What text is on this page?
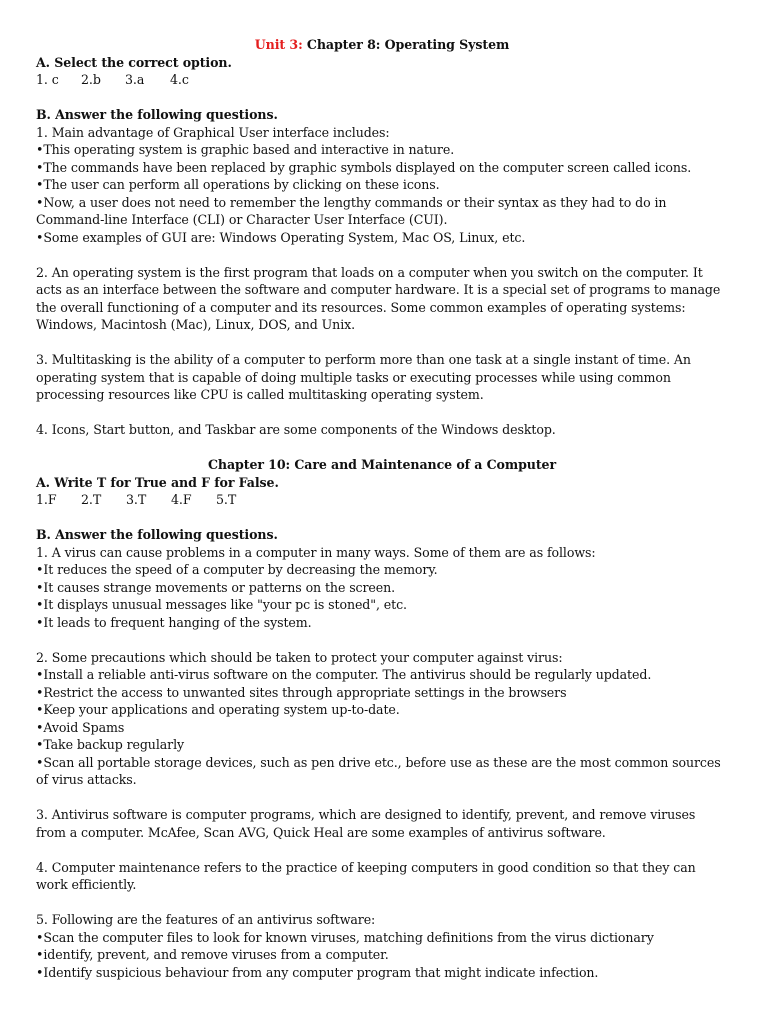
Unit 3: Chapter 8: Operating System
A. Select the correct option.
1. c 2.b 3.a 4.c
B. Answer the following questions.
1. Main advantage of Graphical User interface includes:
•This operating system is graphic based and interactive in nature.
•The commands have been replaced by graphic symbols displayed on the computer screen called icons.
•The user can perform all operations by clicking on these icons.
•Now, a user does not need to remember the lengthy commands or their syntax as they had to do in
Command-line Interface (CLI) or Character User Interface (CUI).
•Some examples of GUI are: Windows Operating System, Mac OS, Linux, etc.
2. An operating system is the first program that loads on a computer when you switch on the computer. It
acts as an interface between the software and computer hardware. It is a special set of programs to manage
the overall functioning of a computer and its resources. Some common examples of operating systems:
Windows, Macintosh (Mac), Linux, DOS, and Unix.
3. Multitasking is the ability of a computer to perform more than one task at a single instant of time. An
operating system that is capable of doing multiple tasks or executing processes while using common
processing resources like CPU is called multitasking operating system.
4. Icons, Start button, and Taskbar are some components of the Windows desktop.
Chapter 10: Care and Maintenance of a Computer
A. Write T for True and F for False.
1.F 2.T 3.T 4.F 5.T
B. Answer the following questions.
1. A virus can cause problems in a computer in many ways. Some of them are as follows:
•It reduces the speed of a computer by decreasing the memory.
•It causes strange movements or patterns on the screen.
•It displays unusual messages like "your pc is stoned", etc.
•It leads to frequent hanging of the system.
2. Some precautions which should be taken to protect your computer against virus:
•Install a reliable anti-virus software on the computer. The antivirus should be regularly updated.
•Restrict the access to unwanted sites through appropriate settings in the browsers
•Keep your applications and operating system up-to-date.
•Avoid Spams
•Take backup regularly
•Scan all portable storage devices, such as pen drive etc., before use as these are the most common sources
of virus attacks.
3. Antivirus software is computer programs, which are designed to identify, prevent, and remove viruses
from a computer. McAfee, Scan AVG, Quick Heal are some examples of antivirus software.
4. Computer maintenance refers to the practice of keeping computers in good condition so that they can
work efficiently.
5. Following are the features of an antivirus software:
•Scan the computer files to look for known viruses, matching definitions from the virus dictionary
•identify, prevent, and remove viruses from a computer.
•Identify suspicious behaviour from any computer program that might indicate infection.
